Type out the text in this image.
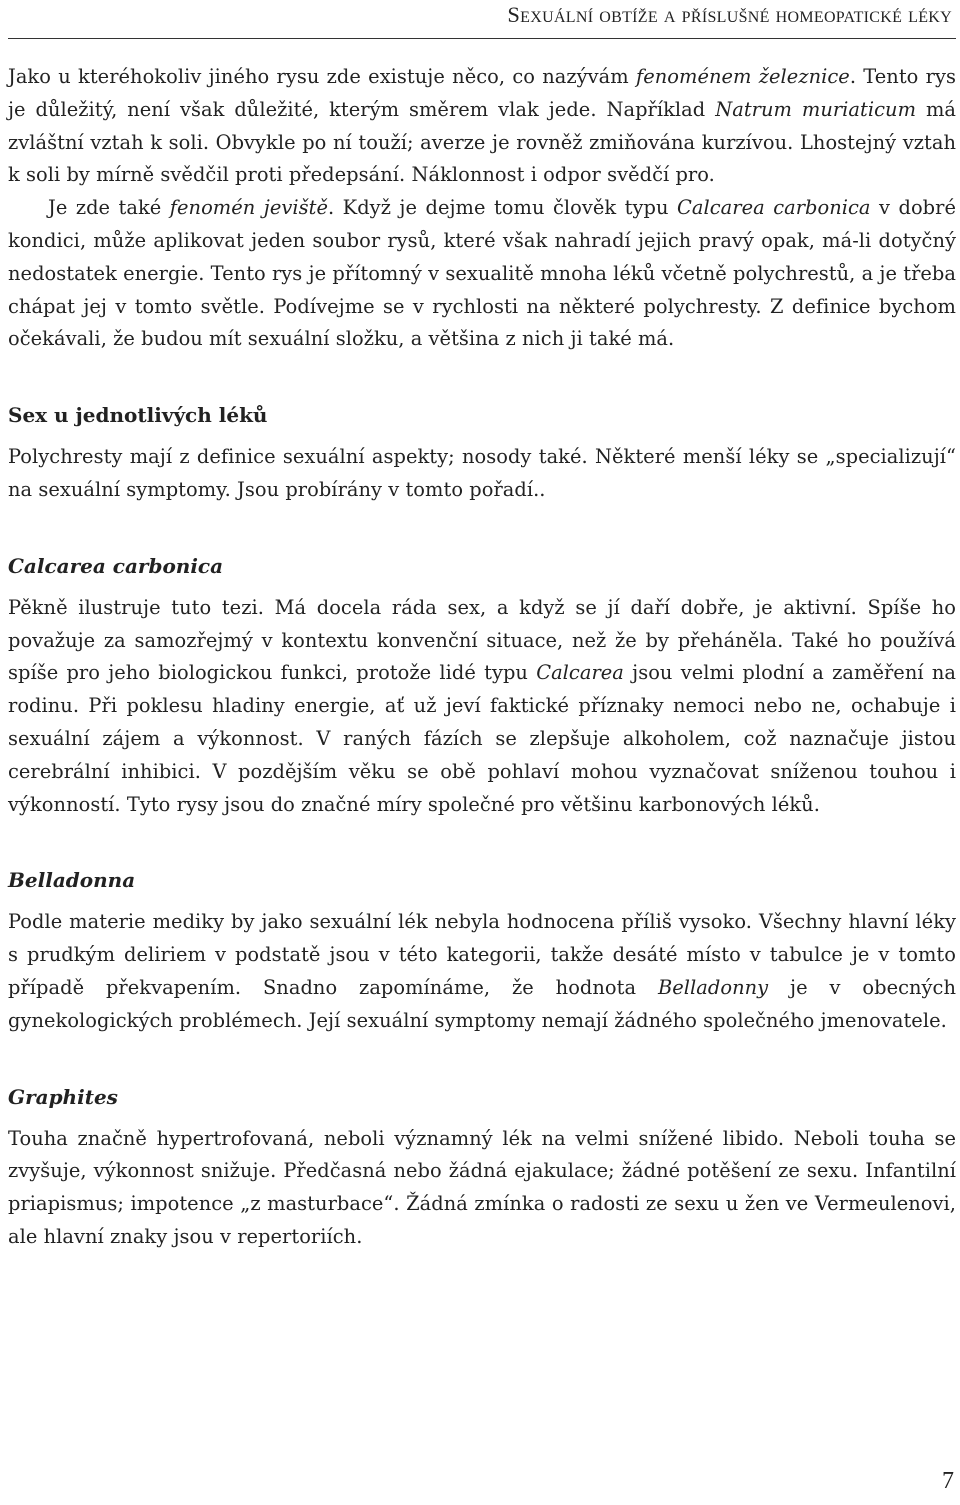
Sexuální obtíže a příslušné homeopatické léky

Jako u kteréhokoliv jiného rysu zde existuje něco, co nazývám fenoménem železnice. Tento rys je důležitý, není však důležité, kterým směrem vlak jede. Například Natrum muriaticum má zvláštní vztah k soli. Obvykle po ní touží; averze je rovněž zmiňována kurzívou. Lhostejný vztah k soli by mírně svědčil proti předepsání. Náklonnost i odpor svědčí pro.

Je zde také fenomén jeviště. Když je dejme tomu člověk typu Calcarea carbonica v dobré kondici, může aplikovat jeden soubor rysů, které však nahradí jejich pravý opak, má-li dotyčný nedostatek energie. Tento rys je přítomný v sexualitě mnoha léků včetně polychrestů, a je třeba chápat jej v tomto světle. Podívejme se v rychlosti na některé polychresty. Z definice bychom očekávali, že budou mít sexuální složku, a většina z nich ji také má.

Sex u jednotlivých léků

Polychresty mají z definice sexuální aspekty; nosody také. Některé menší léky se „specializují“ na sexuální symptomy. Jsou probírány v tomto pořadí..

Calcarea carbonica

Pěkně ilustruje tuto tezi. Má docela ráda sex, a když se jí daří dobře, je aktivní. Spíše ho považuje za samozřejmý v kontextu konvenční situace, než že by přeháněla. Také ho používá spíše pro jeho biologickou funkci, protože lidé typu Calcarea jsou velmi plodní a zaměření na rodinu. Při poklesu hladiny energie, ať už jeví faktické příznaky nemoci nebo ne, ochabuje i sexuální zájem a výkonnost. V raných fázích se zlepšuje alkoholem, což naznačuje jistou cerebrální inhibici. V pozdějším věku se obě pohlaví mohou vyznačovat sníženou touhou i výkonností. Tyto rysy jsou do značné míry společné pro většinu karbonových léků.

Belladonna

Podle materie mediky by jako sexuální lék nebyla hodnocena příliš vysoko. Všechny hlavní léky s prudkým deliriem v podstatě jsou v této kategorii, takže desáté místo v tabulce je v tomto případě překvapením. Snadno zapomínáme, že hodnota Belladonny je v obecných gynekologických problémech. Její sexuální symptomy nemají žádného společného jmenovatele.

Graphites

Touha značně hypertrofovaná, neboli významný lék na velmi snížené libido. Neboli touha se zvyšuje, výkonnost snižuje. Předčasná nebo žádná ejakulace; žádné potěšení ze sexu. Infantilní priapismus; impotence „z masturbace“. Žádná zmínka o radosti ze sexu u žen ve Vermeulenovi, ale hlavní znaky jsou v repertoriích.

7
